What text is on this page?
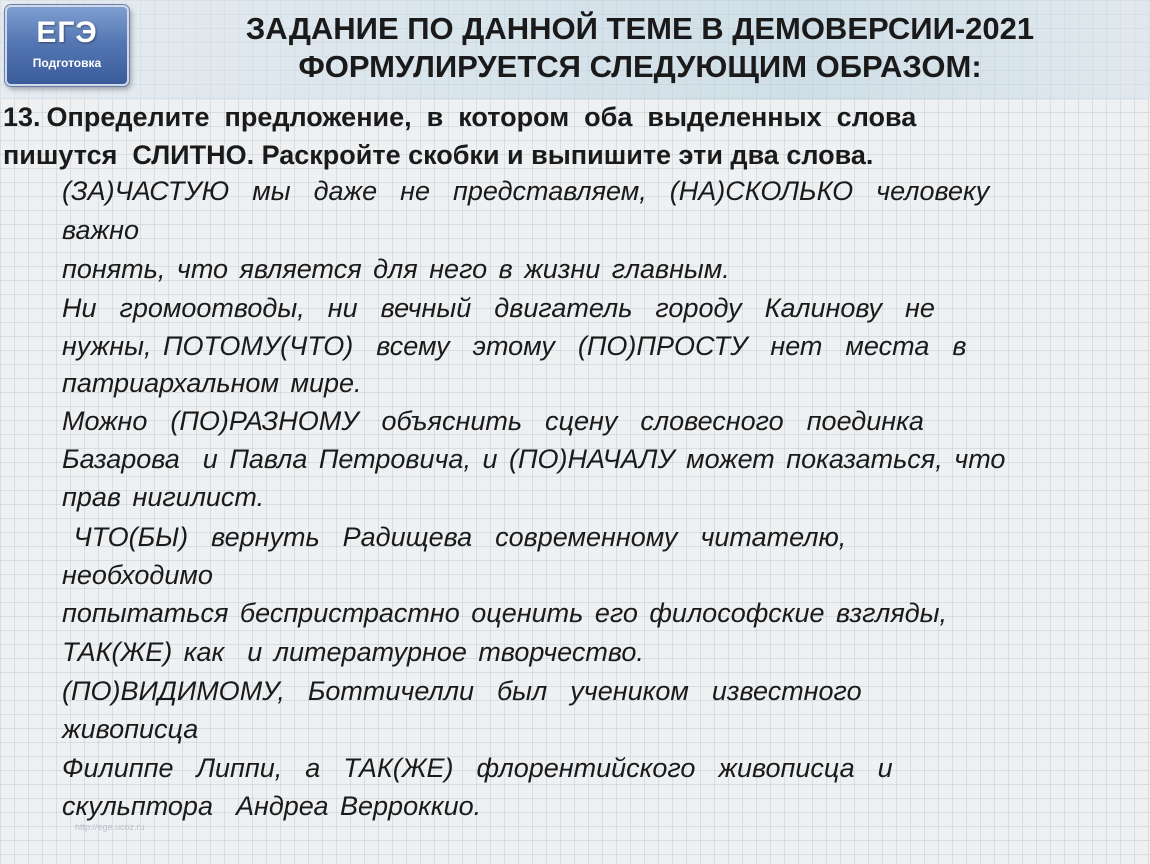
ЕГЭ
Подготовка
ЗАДАНИЕ ПО ДАННОЙ ТЕМЕ В ДЕМОВЕРСИИ-2021
ФОРМУЛИРУЕТСЯ СЛЕДУЮЩИМ ОБРАЗОМ:
13. Определите  предложение,  в  котором  оба  выделенных  слова
пишутся  СЛИТНО. Раскройте скобки и выпишите эти два слова.
(ЗА)ЧАСТУЮ  мы  даже  не  представляем,  (НА)СКОЛЬКО  человеку
важно
понять, что является для него в жизни главным.
Ни  громоотводы,  ни  вечный  двигатель  городу  Калинову  не
нужны, ПОТОМУ(ЧТО)  всему  этому  (ПО)ПРОСТУ  нет  места  в
патриархальном мире.
Можно  (ПО)РАЗНОМУ  объяснить  сцену  словесного  поединка
Базарова  и Павла Петровича, и (ПО)НАЧАЛУ может показаться, что
прав нигилист.
ЧТО(БЫ)  вернуть  Радищева  современному  читателю,
необходимо
попытаться беспристрастно оценить его философские взгляды,
ТАК(ЖЕ) как  и литературное творчество.
(ПО)ВИДИМОМУ,  Боттичелли  был  учеником  известного
живописца
Филиппе  Липпи,  а  ТАК(ЖЕ)  флорентийского  живописца  и
скульптора  Андреа Верроккио.
http://ege.ucoz.ru
